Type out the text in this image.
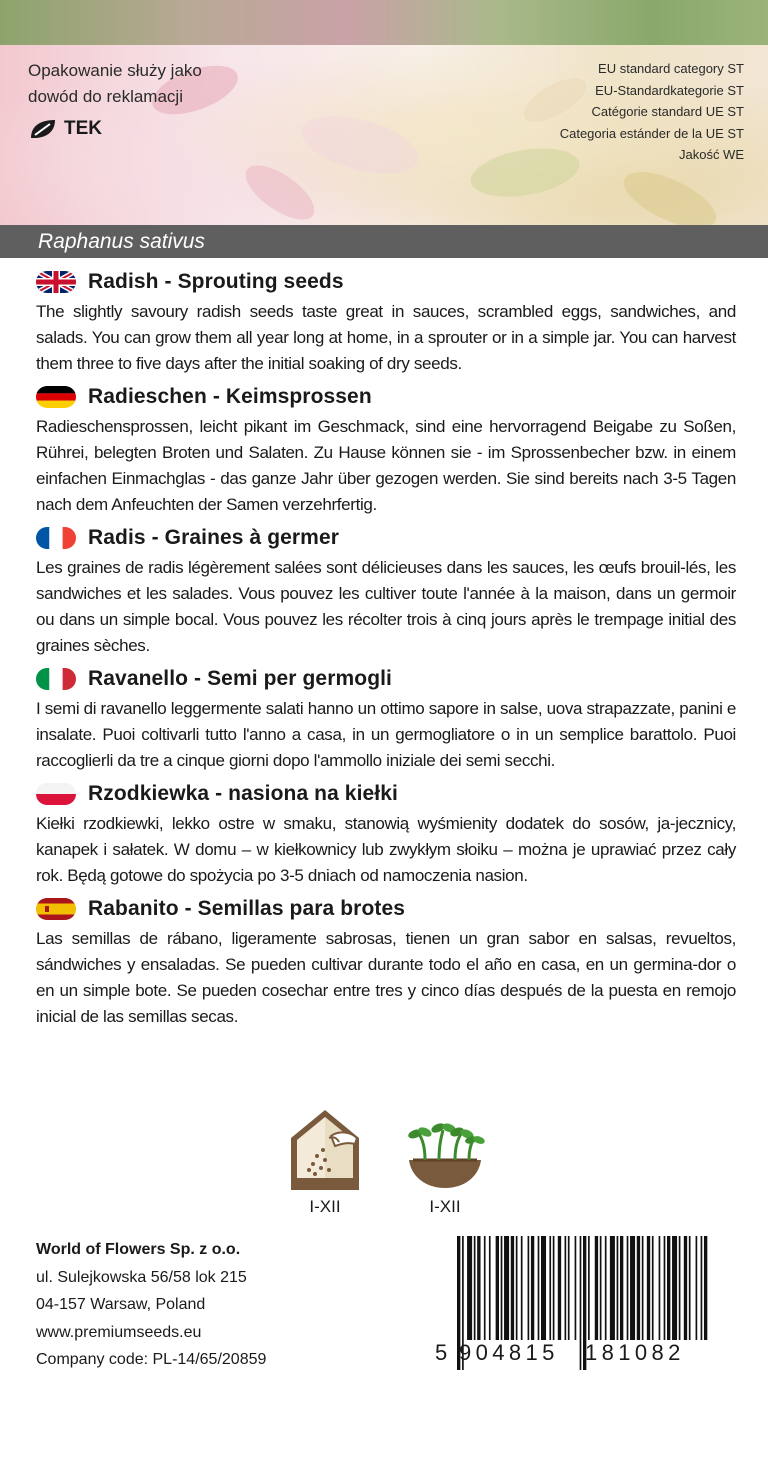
Opakowanie służy jako
dowód do reklamacji
TEK
EU standard category ST
EU-Standardkategorie ST
Catégorie standard UE ST
Categoria estánder de la UE ST
Jakość WE
Raphanus sativus
Radish - Sprouting seeds

The slightly savoury radish seeds taste great in sauces, scrambled eggs, sandwiches, and salads. You can grow them all year long at home, in a sprouter or in a simple jar. You can harvest them three to five days after the initial soaking of dry seeds.

Radieschen - Keimsprossen

Radieschensprossen, leicht pikant im Geschmack, sind eine hervorragend Beigabe zu Soßen, Rühreі, belegten Broten und Salaten. Zu Hause können sie - im Sprossenbecher bzw. in einem einfachen Einmachglas - das ganze Jahr über gezogen werden. Sie sind bereits nach 3-5 Tagen nach dem Anfeuchten der Samen verzehrfertig.

Radis - Graines à germer

Les graines de radis légèrement salées sont délicieuses dans les sauces, les œufs brouil-lés, les sandwiches et les salades. Vous pouvez les cultiver toute l'année à la maison, dans un germoir ou dans un simple bocal. Vous pouvez les récolter trois à cinq jours après le trempage initial des graines sèches.

Ravanello - Semi per germogli

I semi di ravanello leggermente salati hanno un ottimo sapore in salse, uova strapazzate, panini e insalate. Puoi coltivarli tutto l'anno a casa, in un germogliatore o in un semplice barattolo. Puoi raccoglierli da tre a cinque giorni dopo l'ammollo iniziale dei semi secchi.

Rzodkiewka - nasiona na kiełki

Kiełki rzodkiewki, lekko ostre w smaku, stanowią wyśmienity dodatek do sosów, ja-jecznicy, kanapek i sałatek. W domu – w kiełkownicy lub zwykłym słoiku – można je uprawiać przez cały rok. Będą gotowe do spożycia po 3-5 dniach od namoczenia nasion.

Rabanito - Semillas para brotes

Las semillas de rábano, ligeramente sabrosas, tienen un gran sabor en salsas, revueltos, sándwiches y ensaladas. Se pueden cultivar durante todo el año en casa, en un germina-dor o en un simple bote. Se pueden cosechar entre tres y cinco días después de la puesta en remojo inicial de las semillas secas.

I-XII	I-XII
World of Flowers Sp. z o.o.
ul. Sulejkowska 56/58 lok 215
04-157 Warsaw, Poland
www.premiumseeds.eu
Company code: PL-14/65/20859	5 904815 181082
